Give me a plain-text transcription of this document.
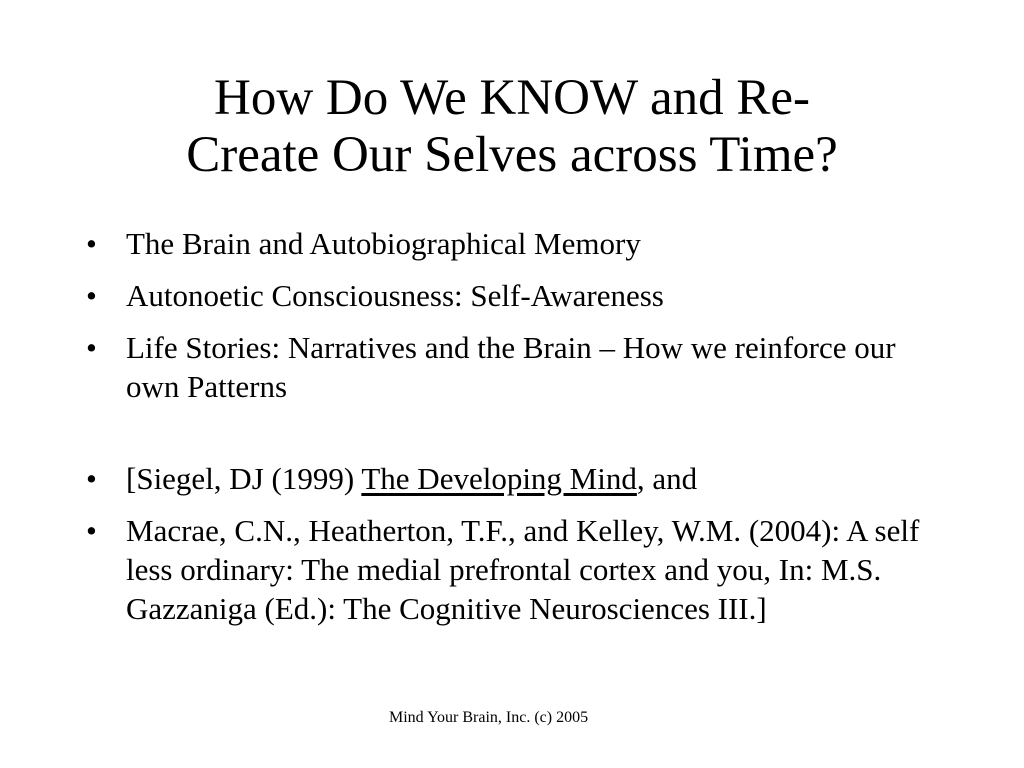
How Do We KNOW and Re-
Create Our Selves across Time?
• The Brain and Autobiographical Memory
• Autonoetic Consciousness: Self-Awareness
• Life Stories: Narratives and the Brain – How we reinforce our own Patterns
• [Siegel, DJ (1999) The Developing Mind, and
• Macrae, C.N., Heatherton, T.F., and Kelley, W.M. (2004): A self less ordinary: The medial prefrontal cortex and you, In: M.S. Gazzaniga (Ed.): The Cognitive Neurosciences III.]
Mind Your Brain, Inc. (c) 2005
